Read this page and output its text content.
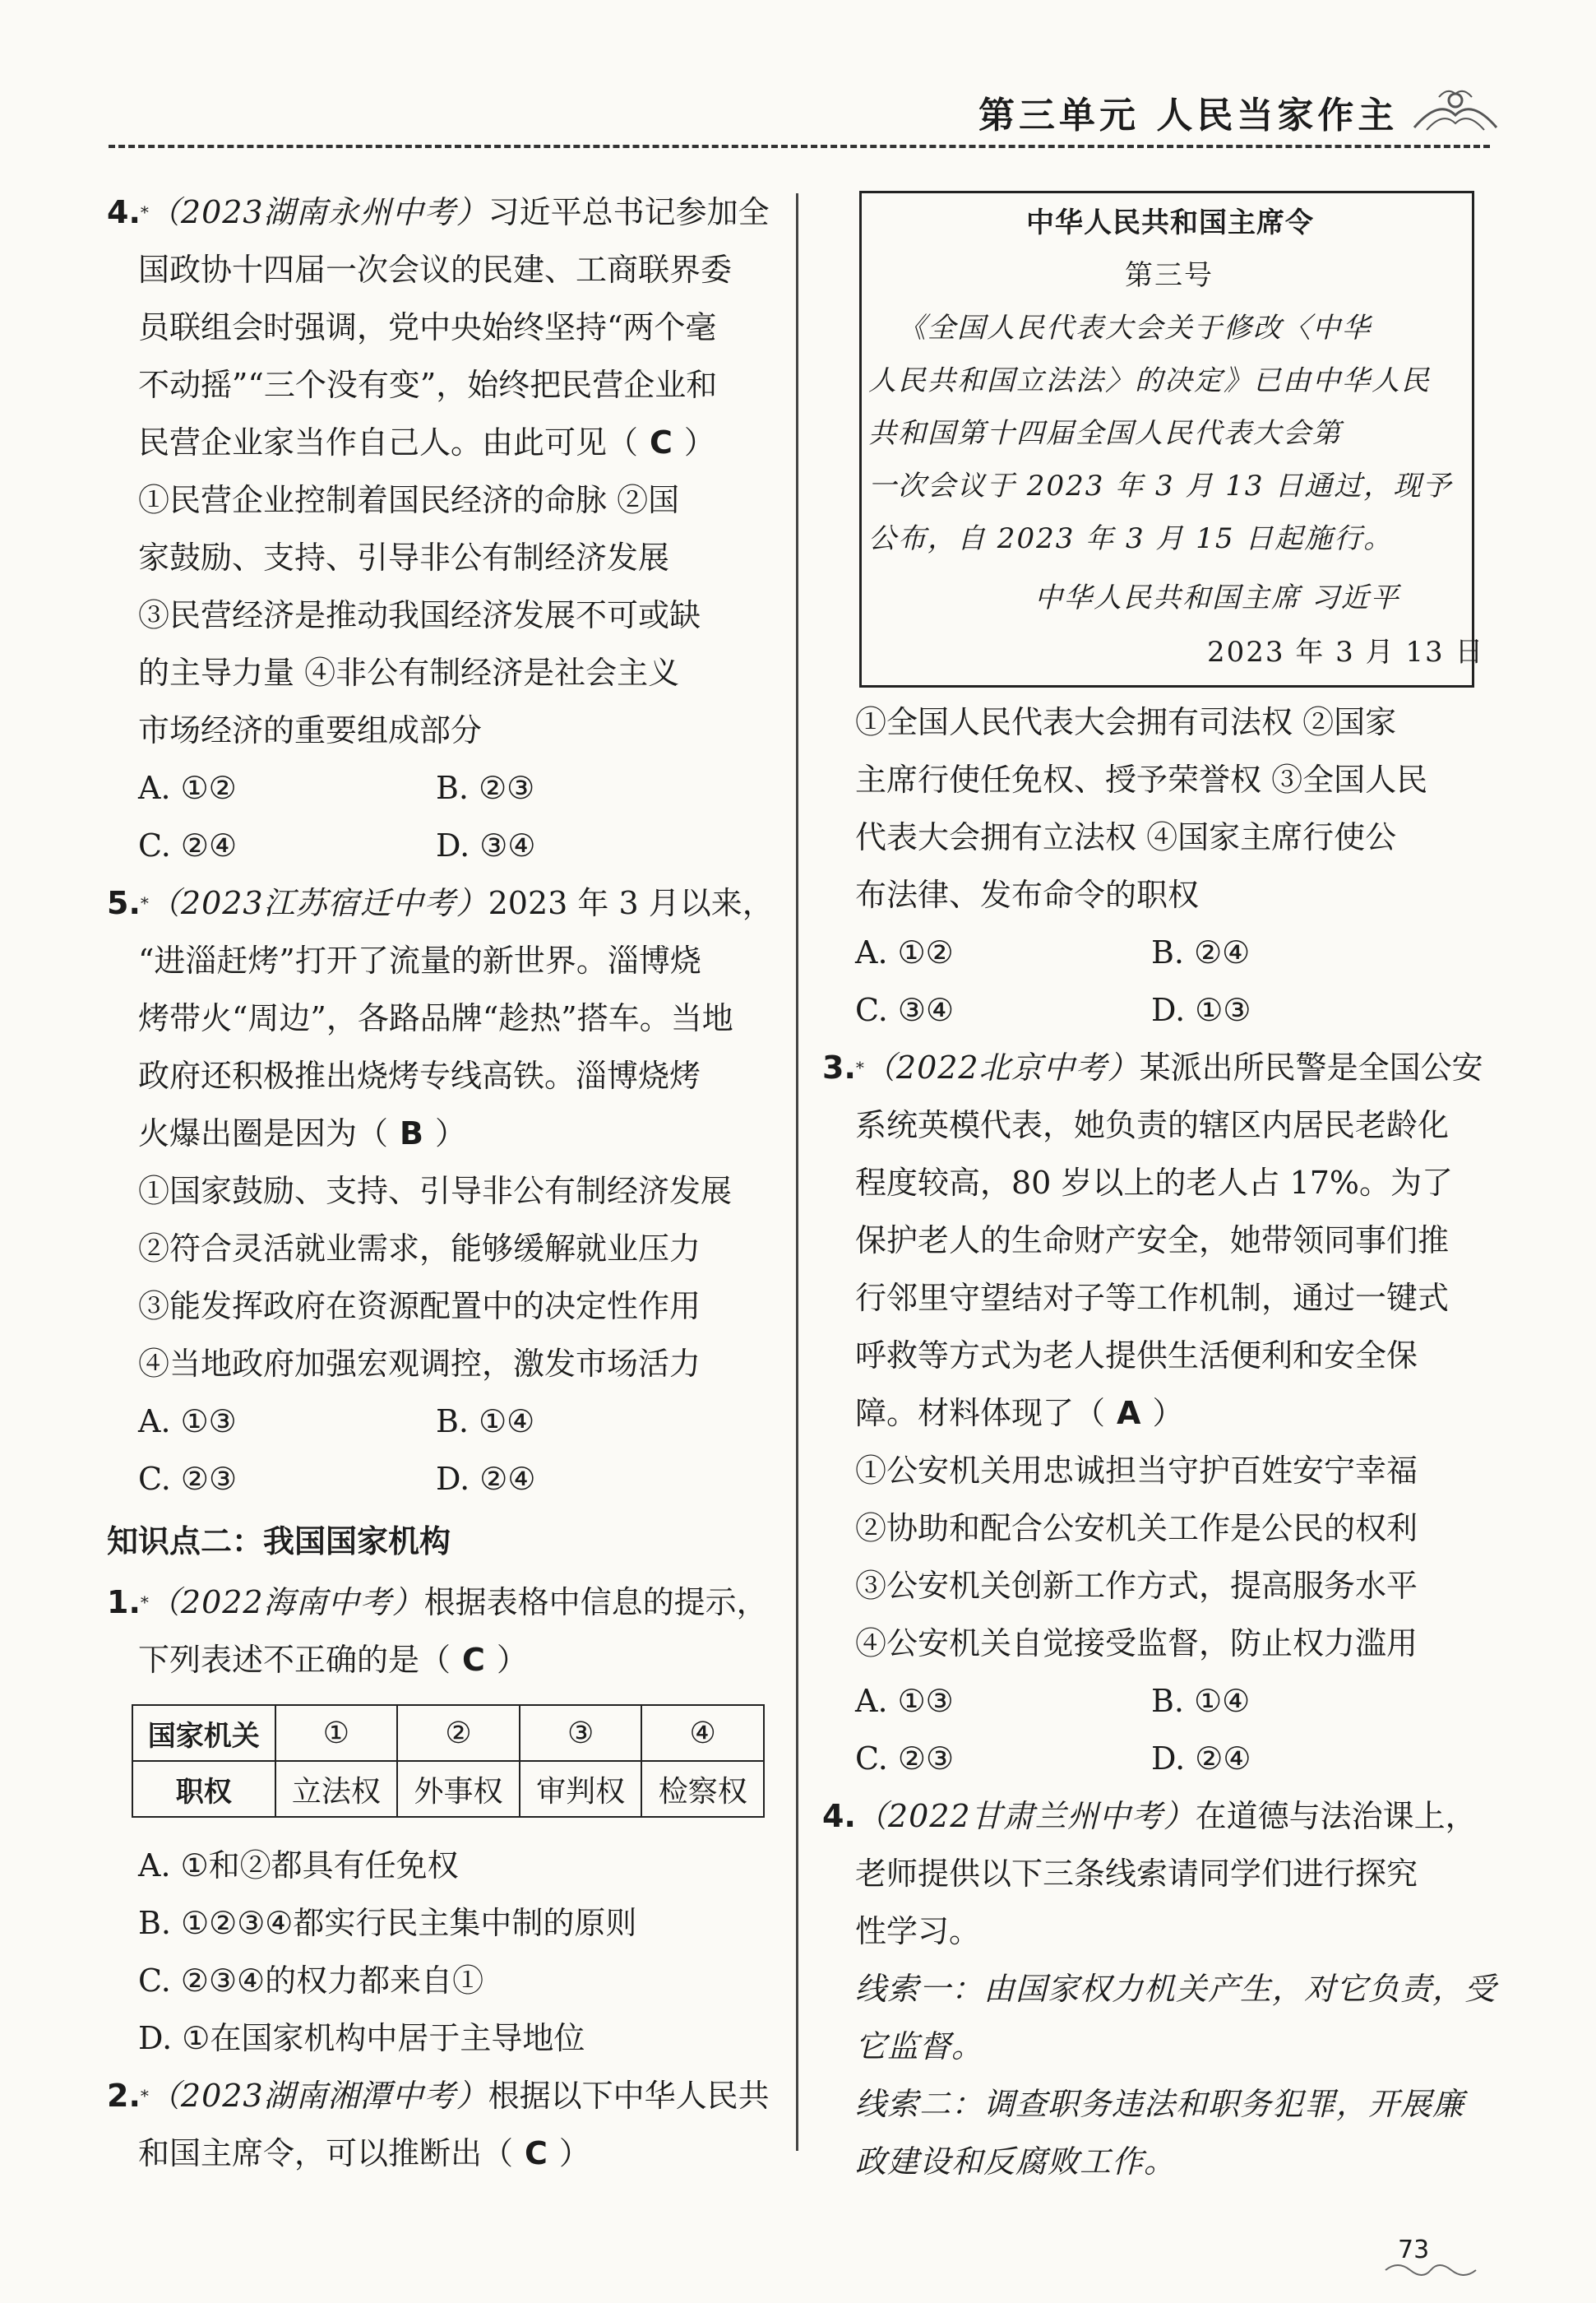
第三单元 人民当家作主
4.*（2023湖南永州中考）习近平总书记参加全
国政协十四届一次会议的民建、工商联界委
员联组会时强调，党中央始终坚持“两个毫
不动摇”“三个没有变”，始终把民营企业和
民营企业家当作自己人。由此可见（ C ）
①民营企业控制着国民经济的命脉 ②国
家鼓励、支持、引导非公有制经济发展
③民营经济是推动我国经济发展不可或缺
的主导力量 ④非公有制经济是社会主义
市场经济的重要组成部分
A. ①②	B. ②③
C. ②④	D. ③④
5.*（2023江苏宿迁中考）2023 年 3 月以来，
“进淄赶烤”打开了流量的新世界。淄博烧
烤带火“周边”，各路品牌“趁热”搭车。当地
政府还积极推出烧烤专线高铁。淄博烧烤
火爆出圈是因为（ B ）
①国家鼓励、支持、引导非公有制经济发展
②符合灵活就业需求，能够缓解就业压力
③能发挥政府在资源配置中的决定性作用
④当地政府加强宏观调控，激发市场活力
A. ①③	B. ①④
C. ②③	D. ②④
知识点二：我国国家机构
1.*（2022海南中考）根据表格中信息的提示，
下列表述不正确的是（ C ）
国家机关	①	②	③	④
职权	立法权	外事权	审判权	检察权
A. ①和②都具有任免权
B. ①②③④都实行民主集中制的原则
C. ②③④的权力都来自①
D. ①在国家机构中居于主导地位
2.*（2023湖南湘潭中考）根据以下中华人民共
和国主席令，可以推断出（ C ）
中华人民共和国主席令
第三号
《全国人民代表大会关于修改〈中华
人民共和国立法法〉的决定》已由中华人民
共和国第十四届全国人民代表大会第
一次会议于 2023 年 3 月 13 日通过，现予
公布，自 2023 年 3 月 15 日起施行。
中华人民共和国主席 习近平
2023 年 3 月 13 日
①全国人民代表大会拥有司法权 ②国家
主席行使任免权、授予荣誉权 ③全国人民
代表大会拥有立法权 ④国家主席行使公
布法律、发布命令的职权
A. ①②	B. ②④
C. ③④	D. ①③
3.*（2022北京中考）某派出所民警是全国公安
系统英模代表，她负责的辖区内居民老龄化
程度较高，80 岁以上的老人占 17%。为了
保护老人的生命财产安全，她带领同事们推
行邻里守望结对子等工作机制，通过一键式
呼救等方式为老人提供生活便利和安全保
障。材料体现了（ A ）
①公安机关用忠诚担当守护百姓安宁幸福
②协助和配合公安机关工作是公民的权利
③公安机关创新工作方式，提高服务水平
④公安机关自觉接受监督，防止权力滥用
A. ①③	B. ①④
C. ②③	D. ②④
4.（2022甘肃兰州中考）在道德与法治课上，
老师提供以下三条线索请同学们进行探究
性学习。
线索一：由国家权力机关产生，对它负责，受
它监督。
线索二：调查职务违法和职务犯罪，开展廉
政建设和反腐败工作。
73
